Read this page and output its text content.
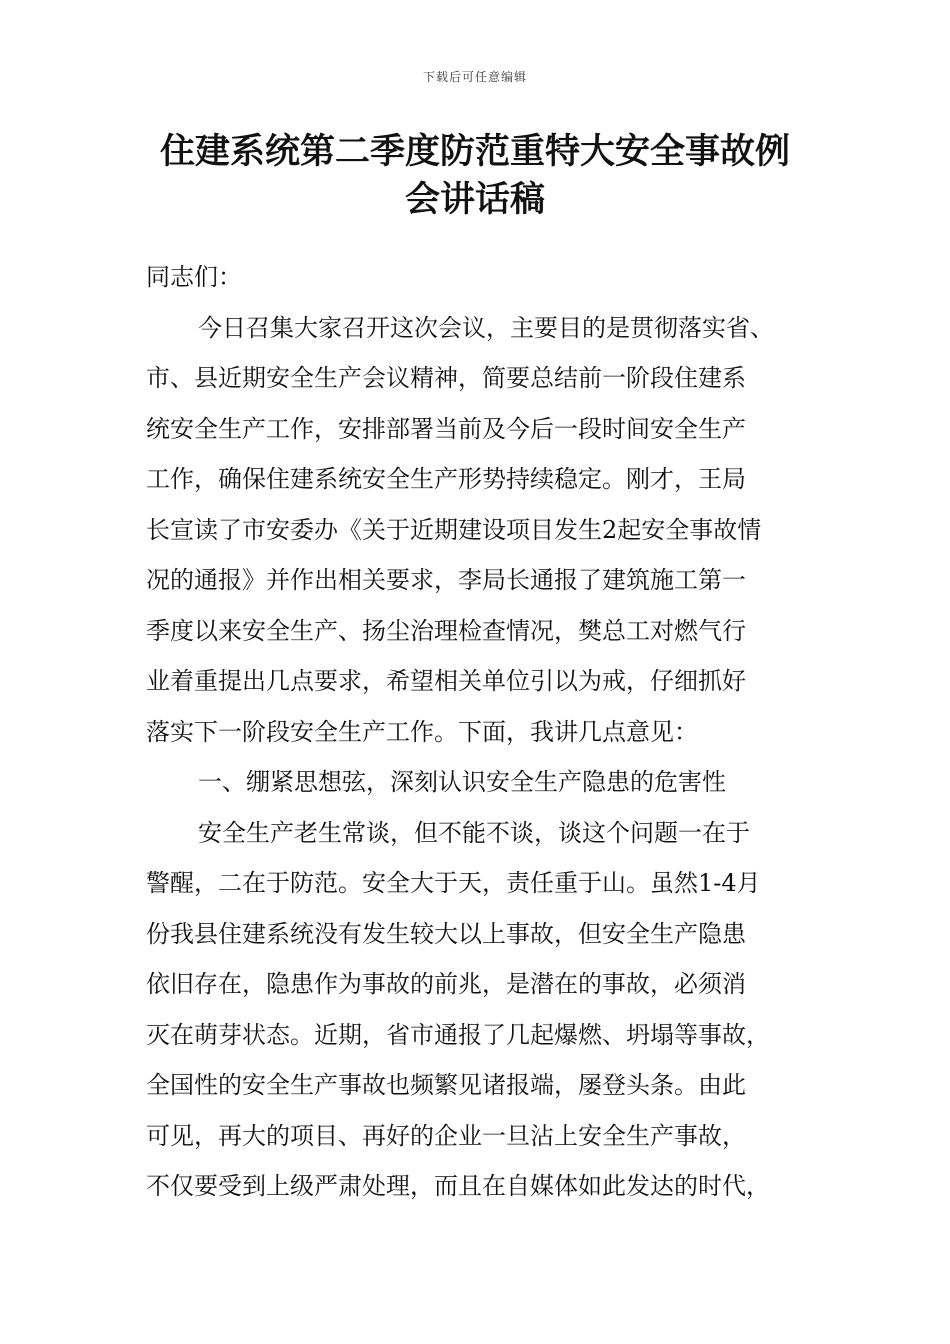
下载后可任意编辑
住建系统第二季度防范重特大安全事故例
会讲话稿
同志们：
今日召集大家召开这次会议，主要目的是贯彻落实省、
市、县近期安全生产会议精神，简要总结前一阶段住建系
统安全生产工作，安排部署当前及今后一段时间安全生产
工作，确保住建系统安全生产形势持续稳定。刚才，王局
长宣读了市安委办《关于近期建设项目发生2起安全事故情
况的通报》并作出相关要求，李局长通报了建筑施工第一
季度以来安全生产、扬尘治理检查情况，樊总工对燃气行
业着重提出几点要求，希望相关单位引以为戒，仔细抓好
落实下一阶段安全生产工作。下面，我讲几点意见：
一、绷紧思想弦，深刻认识安全生产隐患的危害性
安全生产老生常谈，但不能不谈，谈这个问题一在于
警醒，二在于防范。安全大于天，责任重于山。虽然1-4月
份我县住建系统没有发生较大以上事故，但安全生产隐患
依旧存在，隐患作为事故的前兆，是潜在的事故，必须消
灭在萌芽状态。近期，省市通报了几起爆燃、坍塌等事故，
全国性的安全生产事故也频繁见诸报端，屡登头条。由此
可见，再大的项目、再好的企业一旦沾上安全生产事故，
不仅要受到上级严肃处理，而且在自媒体如此发达的时代，
